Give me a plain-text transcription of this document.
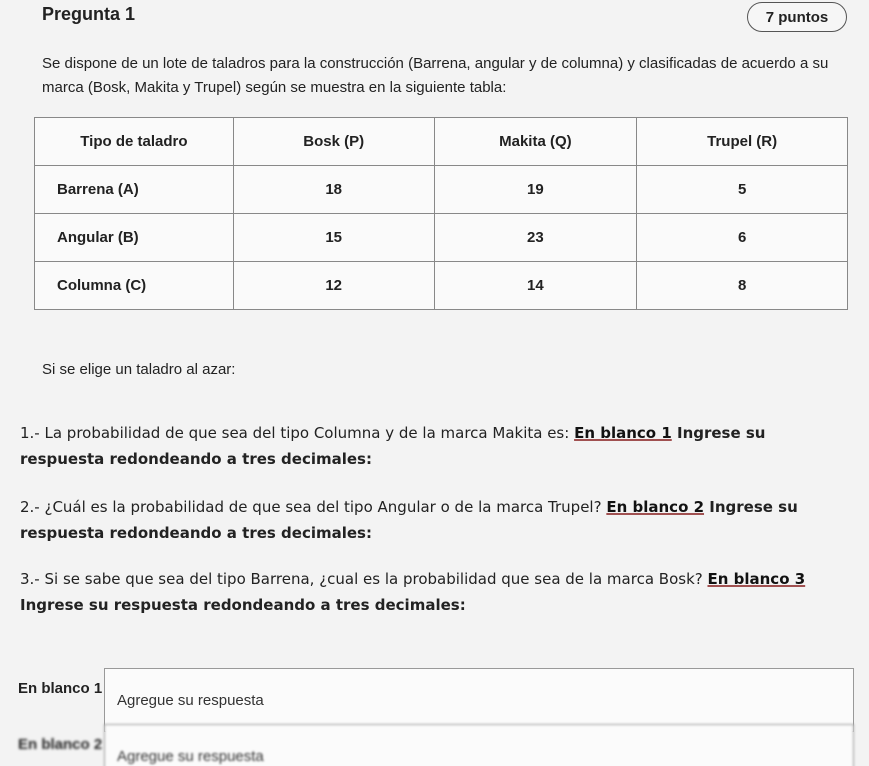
Pregunta 1	7 puntos
Se dispone de un lote de taladros para la construcción (Barrena, angular y de columna) y clasificadas de acuerdo a su marca (Bosk, Makita y Trupel) según se muestra en la siguiente tabla:
Tipo de taladro	Bosk (P)	Makita (Q)	Trupel (R)
Barrena (A)	18	19	5
Angular (B)	15	23	6
Columna (C)	12	14	8
Si se elige un taladro al azar:
1.- La probabilidad de que sea del tipo Columna y de la marca Makita es: En blanco 1 Ingrese su respuesta redondeando a tres decimales:
2.- ¿Cuál es la probabilidad de que sea del tipo Angular o de la marca Trupel? En blanco 2 Ingrese su respuesta redondeando a tres decimales:
3.- Si se sabe que sea del tipo Barrena, ¿cual es la probabilidad que sea de la marca Bosk? En blanco 3 Ingrese su respuesta redondeando a tres decimales:
En blanco 1
Agregue su respuesta
En blanco 2
Agregue su respuesta
